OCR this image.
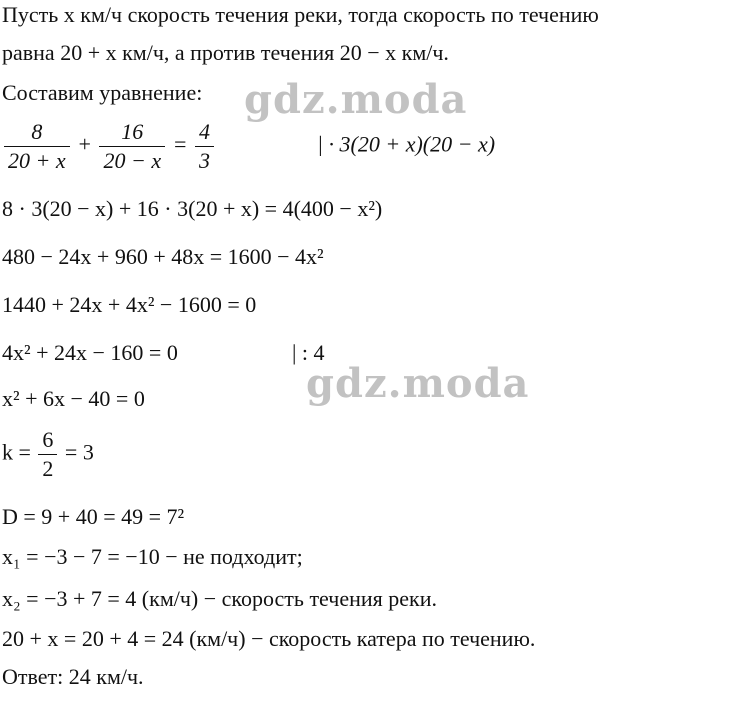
Пусть x км/ч скорость течения реки, тогда скорость по течению
равна 20 + x км/ч, а против течения 20 − x км/ч.
Составим уравнение:
$\frac{8}{20 + x} + \frac{16}{20 - x} = \frac{4}{3}$	| · 3(20 + x)(20 − x)
8 · 3(20 − x) + 16 · 3(20 + x) = 4(400 − x²)
480 − 24x + 960 + 48x = 1600 − 4x²
1440 + 24x + 4x² − 1600 = 0
4x² + 24x − 160 = 0	| : 4
x² + 6x − 40 = 0
$k = \frac{6}{2} = 3$
D = 9 + 40 = 49 = 7²
x₁ = −3 − 7 = −10 − не подходит;
x₂ = −3 + 7 = 4 (км/ч) − скорость течения реки.
20 + x = 20 + 4 = 24 (км/ч) − скорость катера по течению.
Ответ: 24 км/ч.
gdz.moda
gdz.moda
